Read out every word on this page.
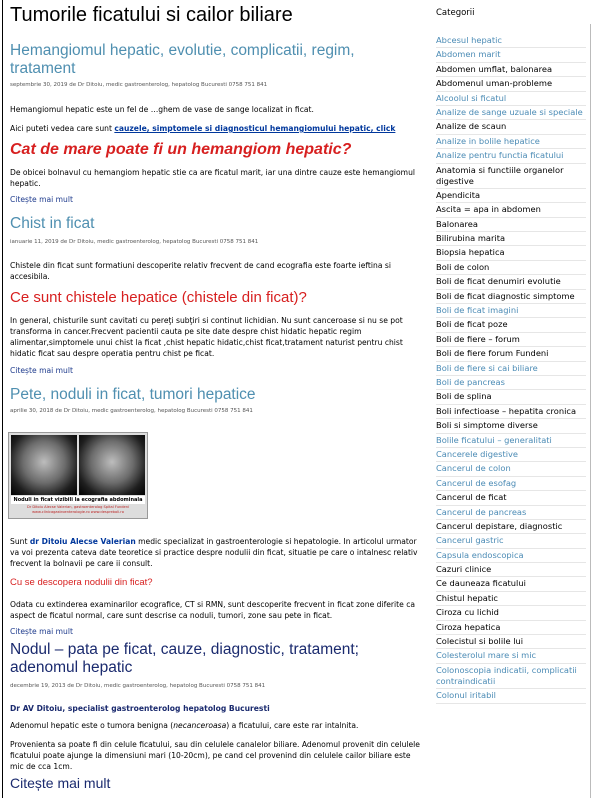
Tumorile ficatului si cailor biliare
Hemangiomul hepatic, evolutie, complicatii, regim, tratament
septembrie 30, 2019 de Dr Ditoiu, medic gastroenterolog, hepatolog Bucuresti 0758 751 841
Hemangiomul hepatic este un fel de …ghem de vase de sange localizat in ficat.
Aici puteti vedea care sunt cauzele, simptomele si diagnosticul hemangiomului hepatic, click
Cat de mare poate fi un hemangiom hepatic?
De obicei bolnavul cu hemangiom hepatic stie ca are ficatul marit, iar una dintre cauze este hemangiomul hepatic.
Citește mai mult
Chist in ficat
ianuarie 11, 2019 de Dr Ditoiu, medic gastroenterolog, hepatolog Bucuresti 0758 751 841
Chistele din ficat sunt formatiuni descoperite relativ frecvent de cand ecografia este foarte ieftina si accesibila.
Ce sunt chistele hepatice (chistele din ficat)?
In general, chisturile sunt cavitati cu pereţi subţiri si continut lichidian. Nu sunt canceroase si nu se pot transforma in cancer.Frecvent pacientii cauta pe site date despre chist hidatic hepatic regim alimentar,simptomele unui chist la ficat ,chist hepatic hidatic,chist ficat,tratament naturist pentru chist hidatic ficat sau despre operatia pentru chist pe ficat.
Citește mai mult
Pete, noduli in ficat, tumori hepatice
aprilie 30, 2018 de Dr Ditoiu, medic gastroenterolog, hepatolog Bucuresti 0758 751 841
Noduli in ficat vizibili la ecografia abdominala
Dr Ditoiu Alecse Valerian, gastroenterolog Spital Fundeni
www.clinicagastroenterologie.ro www.despreboli.ro
Sunt dr Ditoiu Alecse Valerian medic specializat in gastroenterologie si hepatologie. In articolul urmator va voi prezenta cateva date teoretice si practice despre nodulii din ficat, situatie pe care o intalnesc relativ frecvent la bolnavii pe care ii consult.
Cu se descopera nodulii din ficat?
Odata cu extinderea examinarilor ecografice, CT si RMN, sunt descoperite frecvent in ficat zone diferite ca aspect de ficatul normal, care sunt descrise ca noduli, tumori, zone sau pete in ficat.
Citește mai mult
Nodul – pata pe ficat, cauze, diagnostic, tratament; adenomul hepatic
decembrie 19, 2013 de Dr Ditoiu, medic gastroenterolog, hepatolog Bucuresti 0758 751 841
Dr AV Ditoiu, specialist gastroenterolog hepatolog Bucuresti
Adenomul hepatic este o tumora benigna (necanceroasa) a ficatului, care este rar intalnita.
Provenienta sa poate fi din celule ficatului, sau din celulele canalelor biliare. Adenomul provenit din celulele ficatului poate ajunge la dimensiuni mari (10-20cm), pe cand cel provenind din celulele cailor biliare este mic de cca 1cm.
Citește mai mult
Categorii
Abcesul hepatic
Abdomen marit
Abdomen umflat, balonarea
Abdomenul uman-probleme
Alcoolul si ficatul
Analize de sange uzuale si speciale
Analize de scaun
Analize in bolile hepatice
Analize pentru functia ficatului
Anatomia si functiile organelor digestive
Apendicita
Ascita = apa in abdomen
Balonarea
Bilirubina marita
Biopsia hepatica
Boli de colon
Boli de ficat denumiri evolutie
Boli de ficat diagnostic simptome
Boli de ficat imagini
Boli de ficat poze
Boli de fiere – forum
Boli de fiere forum Fundeni
Boli de fiere si cai biliare
Boli de pancreas
Boli de splina
Boli infectioase – hepatita cronica
Boli si simptome diverse
Bolile ficatului – generalitati
Cancerele digestive
Cancerul de colon
Cancerul de esofag
Cancerul de ficat
Cancerul de pancreas
Cancerul depistare, diagnostic
Cancerul gastric
Capsula endoscopica
Cazuri clinice
Ce dauneaza ficatului
Chistul hepatic
Ciroza cu lichid
Ciroza hepatica
Colecistul si bolile lui
Colesterolul mare si mic
Colonoscopia indicatii, complicatii contraindicatii
Colonul iritabil
